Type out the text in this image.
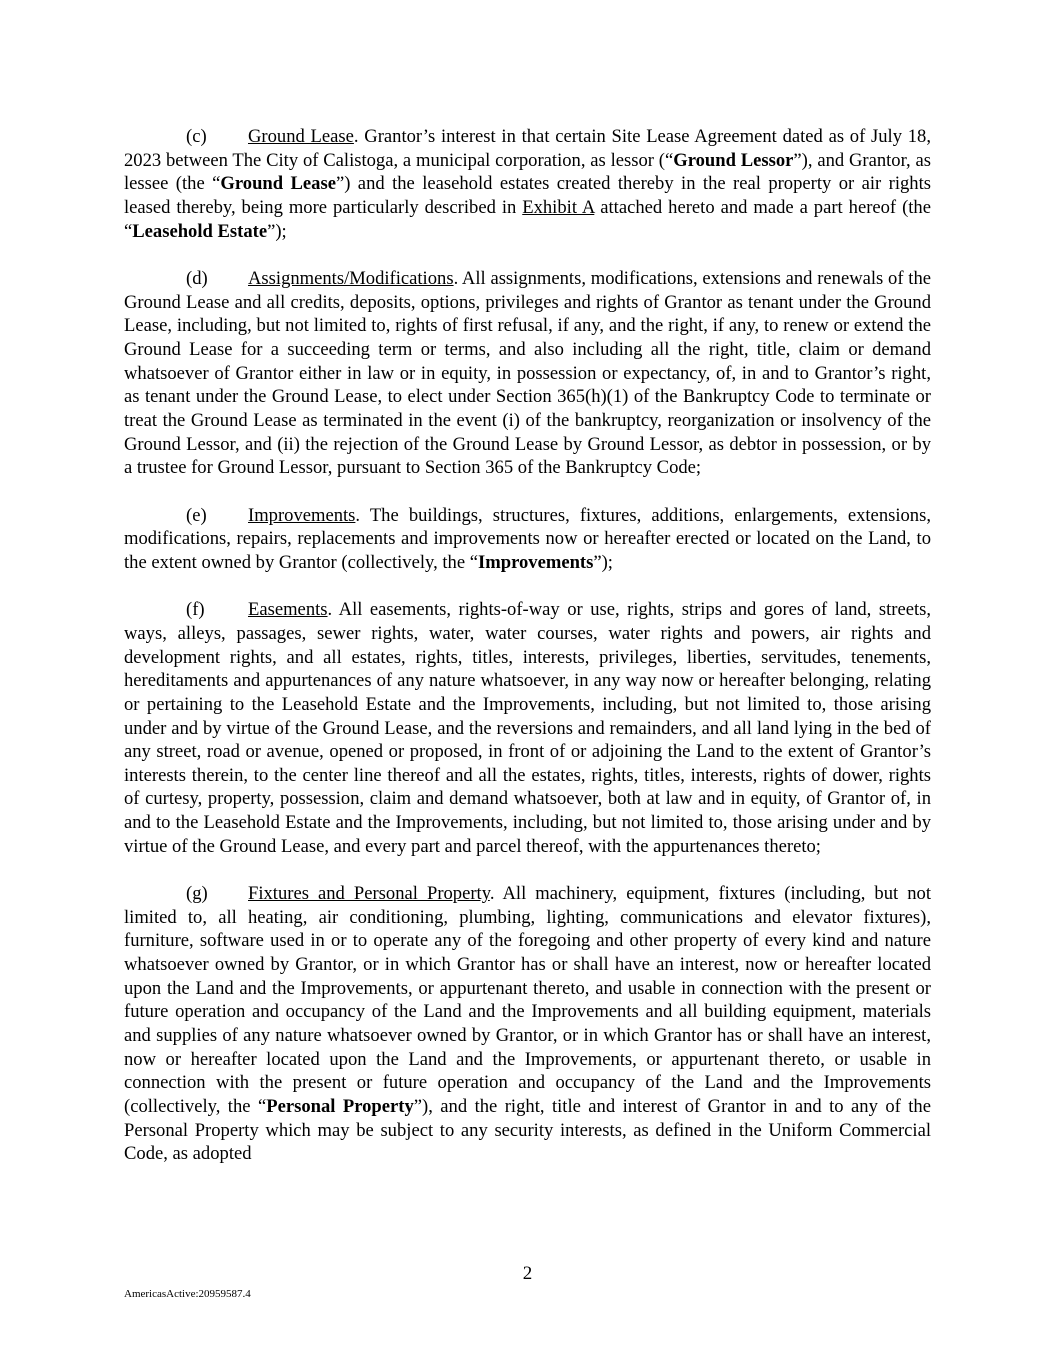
(c) Ground Lease. Grantor’s interest in that certain Site Lease Agreement dated as of July 18, 2023 between The City of Calistoga, a municipal corporation, as lessor (“Ground Lessor”), and Grantor, as lessee (the “Ground Lease”) and the leasehold estates created thereby in the real property or air rights leased thereby, being more particularly described in Exhibit A attached hereto and made a part hereof (the “Leasehold Estate”);

(d) Assignments/Modifications. All assignments, modifications, extensions and renewals of the Ground Lease and all credits, deposits, options, privileges and rights of Grantor as tenant under the Ground Lease, including, but not limited to, rights of first refusal, if any, and the right, if any, to renew or extend the Ground Lease for a succeeding term or terms, and also including all the right, title, claim or demand whatsoever of Grantor either in law or in equity, in possession or expectancy, of, in and to Grantor’s right, as tenant under the Ground Lease, to elect under Section 365(h)(1) of the Bankruptcy Code to terminate or treat the Ground Lease as terminated in the event (i) of the bankruptcy, reorganization or insolvency of the Ground Lessor, and (ii) the rejection of the Ground Lease by Ground Lessor, as debtor in possession, or by a trustee for Ground Lessor, pursuant to Section 365 of the Bankruptcy Code;

(e) Improvements. The buildings, structures, fixtures, additions, enlargements, extensions, modifications, repairs, replacements and improvements now or hereafter erected or located on the Land, to the extent owned by Grantor (collectively, the “Improvements”);

(f) Easements. All easements, rights-of-way or use, rights, strips and gores of land, streets, ways, alleys, passages, sewer rights, water, water courses, water rights and powers, air rights and development rights, and all estates, rights, titles, interests, privileges, liberties, servitudes, tenements, hereditaments and appurtenances of any nature whatsoever, in any way now or hereafter belonging, relating or pertaining to the Leasehold Estate and the Improvements, including, but not limited to, those arising under and by virtue of the Ground Lease, and the reversions and remainders, and all land lying in the bed of any street, road or avenue, opened or proposed, in front of or adjoining the Land to the extent of Grantor’s interests therein, to the center line thereof and all the estates, rights, titles, interests, rights of dower, rights of curtesy, property, possession, claim and demand whatsoever, both at law and in equity, of Grantor of, in and to the Leasehold Estate and the Improvements, including, but not limited to, those arising under and by virtue of the Ground Lease, and every part and parcel thereof, with the appurtenances thereto;

(g) Fixtures and Personal Property. All machinery, equipment, fixtures (including, but not limited to, all heating, air conditioning, plumbing, lighting, communications and elevator fixtures), furniture, software used in or to operate any of the foregoing and other property of every kind and nature whatsoever owned by Grantor, or in which Grantor has or shall have an interest, now or hereafter located upon the Land and the Improvements, or appurtenant thereto, and usable in connection with the present or future operation and occupancy of the Land and the Improvements and all building equipment, materials and supplies of any nature whatsoever owned by Grantor, or in which Grantor has or shall have an interest, now or hereafter located upon the Land and the Improvements, or appurtenant thereto, or usable in connection with the present or future operation and occupancy of the Land and the Improvements (collectively, the “Personal Property”), and the right, title and interest of Grantor in and to any of the Personal Property which may be subject to any security interests, as defined in the Uniform Commercial Code, as adopted

2
AmericasActive:20959587.4
